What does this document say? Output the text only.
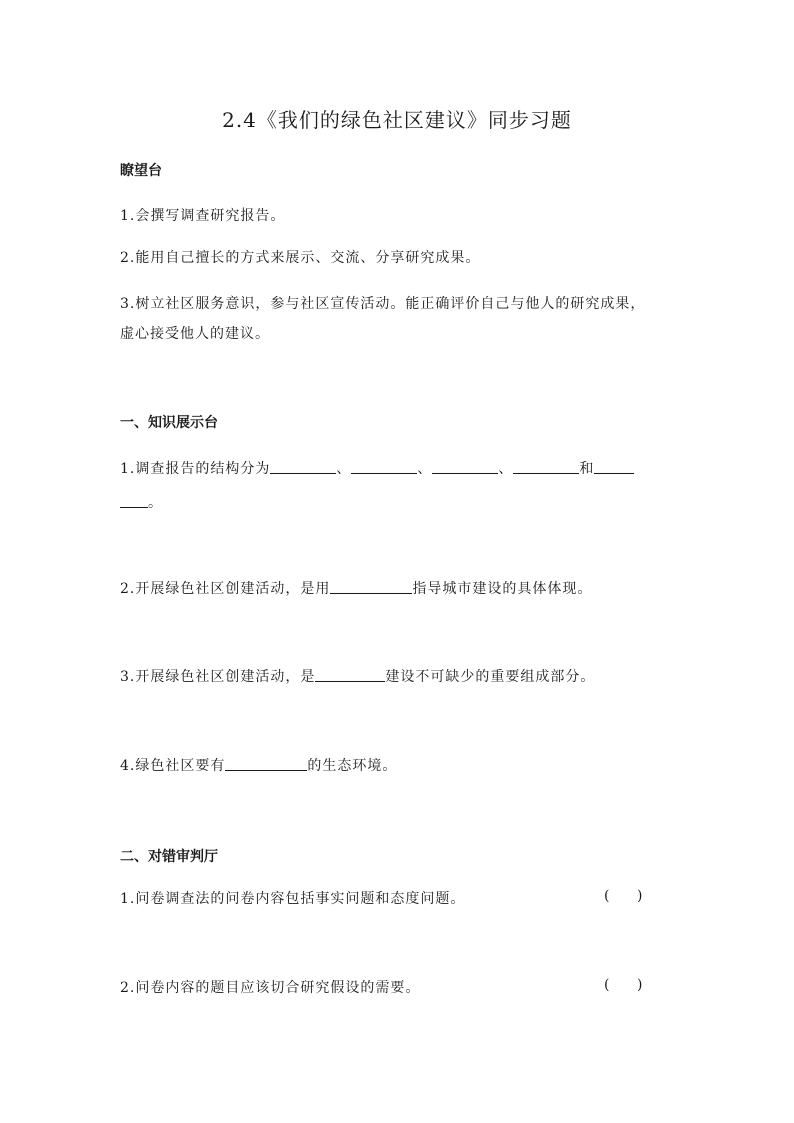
2.4《我们的绿色社区建议》同步习题
瞭望台
1.会撰写调查研究报告。
2.能用自己擅长的方式来展示、交流、分享研究成果。
3.树立社区服务意识，参与社区宣传活动。能正确评价自己与他人的研究成果，
虚心接受他人的建议。
一、知识展示台
1.调查报告的结构分为	、	、	、	和
。
2.开展绿色社区创建活动，是用	指导城市建设的具体体现。
3.开展绿色社区创建活动，是	建设不可缺少的重要组成部分。
4.绿色社区要有	的生态环境。
二、对错审判厅
1.问卷调查法的问卷内容包括事实问题和态度问题。	( )
2.问卷内容的题目应该切合研究假设的需要。	( )
